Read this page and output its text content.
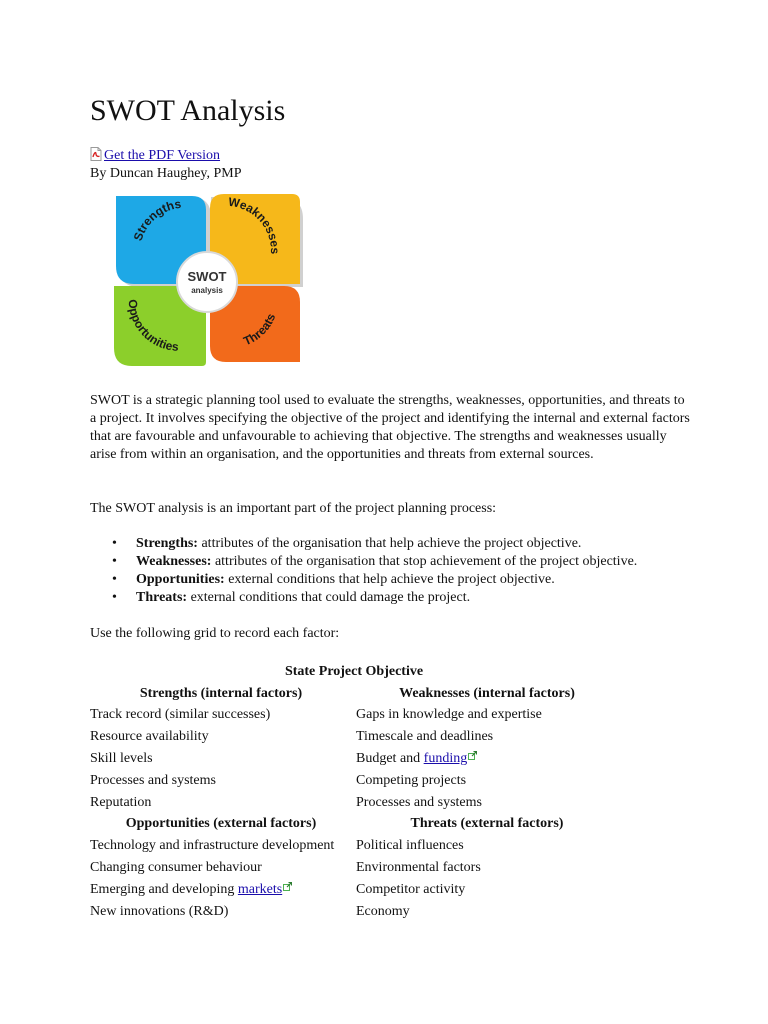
SWOT Analysis
Get the PDF Version
By Duncan Haughey, PMP
SWOT
analysis
Strengths	Weaknesses
Opportunities	Threats

SWOT is a strategic planning tool used to evaluate the strengths, weaknesses, opportunities, and threats to a project. It involves specifying the objective of the project and identifying the internal and external factors that are favourable and unfavourable to achieving that objective. The strengths and weaknesses usually arise from within an organisation, and the opportunities and threats from external sources.

The SWOT analysis is an important part of the project planning process:

• Strengths: attributes of the organisation that help achieve the project objective.
• Weaknesses: attributes of the organisation that stop achievement of the project objective.
• Opportunities: external conditions that help achieve the project objective.
• Threats: external conditions that could damage the project.

Use the following grid to record each factor:

State Project Objective	
Strengths (internal factors)	Weaknesses (internal factors)
Track record (similar successes)	Gaps in knowledge and expertise
Resource availability	Timescale and deadlines
Skill levels	Budget and funding
Processes and systems	Competing projects
Reputation	Processes and systems
Opportunities (external factors)	Threats (external factors)
Technology and infrastructure development	Political influences
Changing consumer behaviour	Environmental factors
Emerging and developing markets	Competitor activity
New innovations (R&D)	Economy
